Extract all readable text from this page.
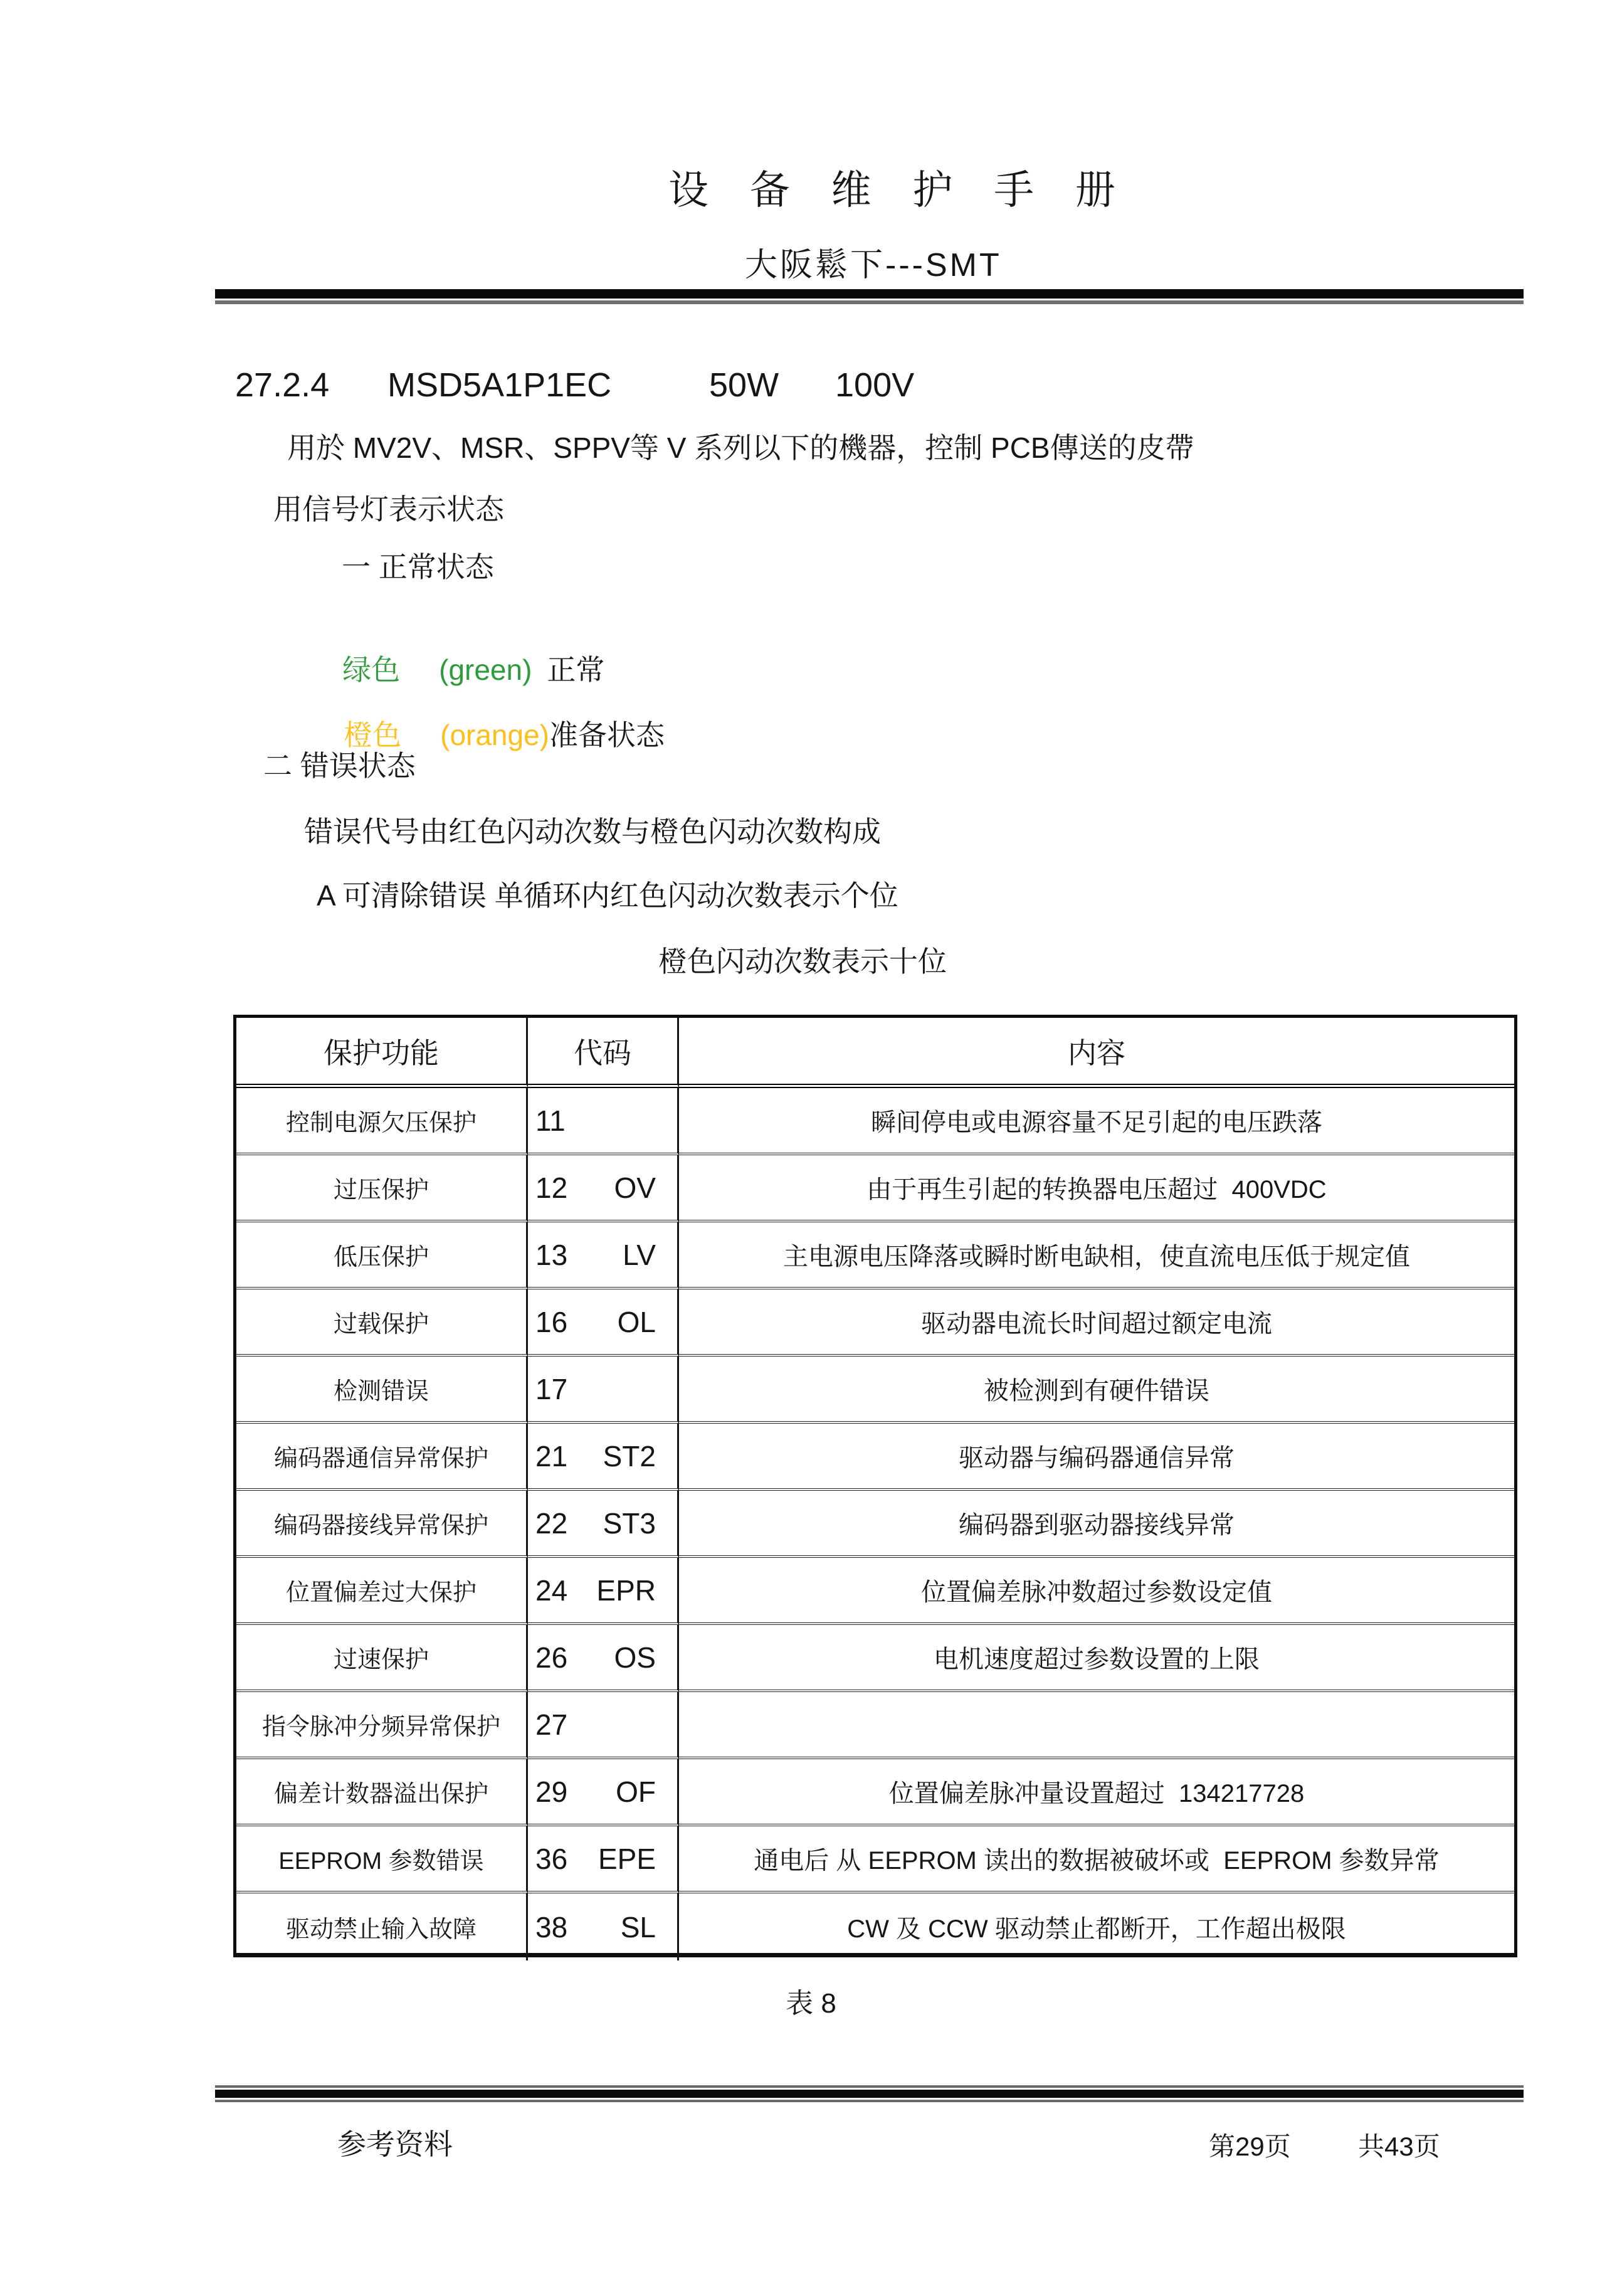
设 备 维 护 手 册
大阪鬆下---SMT
27.2.4 MSD5A1P1EC	50W 100V
用於 MV2V、MSR、SPPV等 V 系列以下的機器，控制 PCB傳送的皮帶
用信号灯表示状态
一 正常状态

绿色 (green) 正常

橙色 (orange)准备状态

二 错误状态
错误代号由红色闪动次数与橙色闪动次数构成
A 可清除错误 单循环内红色闪动次数表示个位
橙色闪动次数表示十位
保护功能	代码	内容
控制电源欠压保护	11	瞬间停电或电源容量不足引起的电压跌落
过压保护	12 OV	由于再生引起的转换器电压超过  400VDC
低压保护	13 LV	主电源电压降落或瞬时断电缺相，使直流电压低于规定值
过载保护	16 OL	驱动器电流长时间超过额定电流
检测错误	17	被检测到有硬件错误
编码器通信异常保护	21 ST2	驱动器与编码器通信异常
编码器接线异常保护	22 ST3	编码器到驱动器接线异常
位置偏差过大保护	24 EPR	位置偏差脉冲数超过参数设定值
过速保护	26 OS	电机速度超过参数设置的上限
指令脉冲分频异常保护	27
偏差计数器溢出保护	29 OF	位置偏差脉冲量设置超过  134217728
EEPROM 参数错误	36 EPE	通电后 从 EEPROM 读出的数据被破坏或  EEPROM 参数异常
驱动禁止输入故障	38 SL	CW 及 CCW 驱动禁止都断开，工作超出极限
表 8
参考资料	第29页	共43页
